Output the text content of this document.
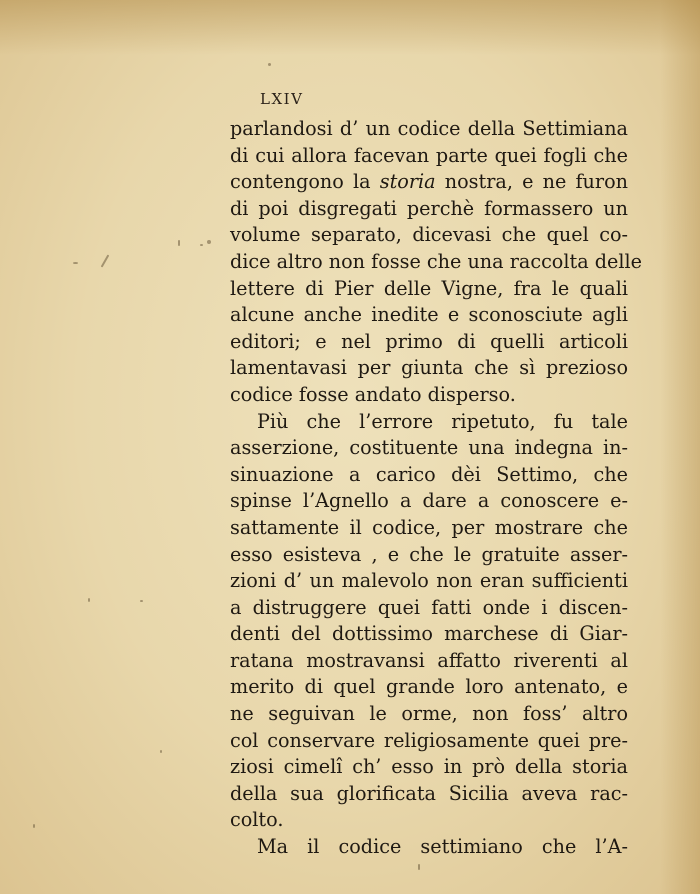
LXIV
parlandosi d’ un codice della Settimiana
di cui allora facevan parte quei fogli che
contengono la storia nostra, e ne furon
di poi disgregati perchè formassero un
volume separato, dicevasi che quel co-
dice altro non fosse che una raccolta delle
lettere di Pier delle Vigne, fra le quali
alcune anche inedite e sconosciute agli
editori; e nel primo di quelli articoli
lamentavasi per giunta che sì prezioso
codice fosse andato disperso.
Più che l’errore ripetuto, fu tale
asserzione, costituente una indegna in-
sinuazione a carico dèi Settimo, che
spinse l’Agnello a dare a conoscere e-
sattamente il codice, per mostrare che
esso esisteva , e che le gratuite asser-
zioni d’ un malevolo non eran sufficienti
a distruggere quei fatti onde i discen-
denti del dottissimo marchese di Giar-
ratana mostravansi affatto riverenti al
merito di quel grande loro antenato, e
ne seguivan le orme, non foss’ altro
col conservare religiosamente quei pre-
ziosi cimelî ch’ esso in prò della storia
della sua glorificata Sicilia aveva rac-
colto.
Ma il codice settimiano che l’A-
